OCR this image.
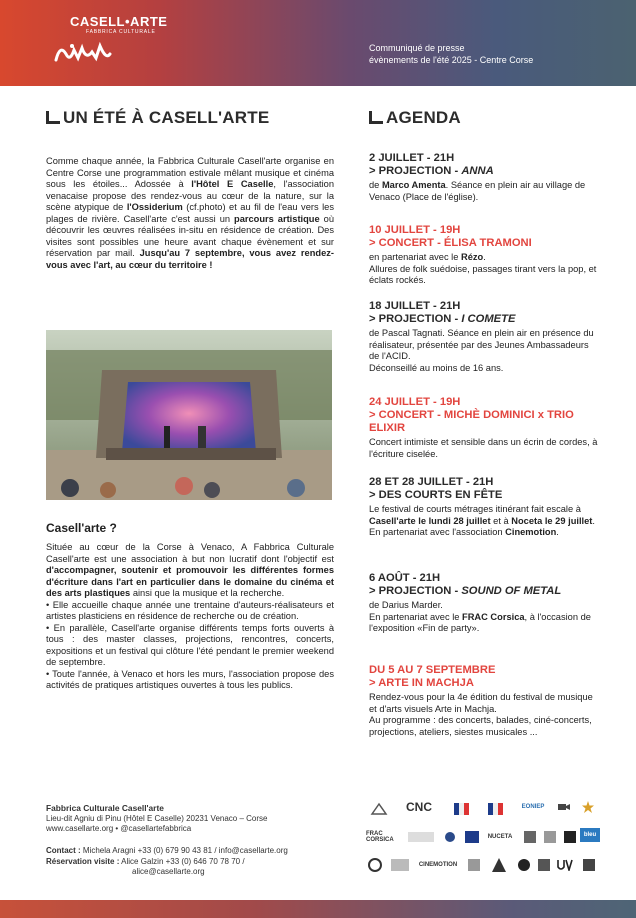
CASELL•ARTE
FABBRICA CULTURALE
Communiqué de presse
évènements de l'été 2025 - Centre Corse
UN ÉTÉ À CASELL'ARTE
Comme chaque année, la Fabbrica Culturale Casell'arte organise en Centre Corse une programmation estivale mêlant musique et cinéma sous les étoiles... Adossée à l'Hôtel E Caselle, l'association venacaise propose des rendez-vous au cœur de la nature, sur la scène atypique de l'Ossiderium (cf.photo) et au fil de l'eau vers les plages de rivière. Casell'arte c'est aussi un parcours artistique où découvrir les œuvres réalisées in-situ en résidence de création. Des visites sont possibles une heure avant chaque évènement et sur réservation par mail. Jusqu'au 7 septembre, vous avez rendez-vous avec l'art, au cœur du territoire !
Casell'arte ?

Située au cœur de la Corse à Venaco, A Fabbrica Culturale Casell'arte est une association à but non lucratif dont l'objectif est d'accompagner, soutenir et promouvoir les différentes formes d'écriture dans l'art en particulier dans le domaine du cinéma et des arts plastiques ainsi que la musique et la recherche.

• Elle accueille chaque année une trentaine d'auteurs-réalisateurs et artistes plasticiens en résidence de recherche ou de création.

• En parallèle, Casell'arte organise différents temps forts ouverts à tous : des master classes, projections, rencontres, concerts, expositions et un festival qui clôture l'été pendant le premier weekend de septembre.

• Toute l'année, à Venaco et hors les murs, l'association propose des activités de pratiques artistiques ouvertes à tous les publics.

AGENDA
2 JUILLET - 21H
> PROJECTION - ANNA
de Marco Amenta. Séance en plein air au village de Venaco (Place de l'église).
10 JUILLET - 19H
> CONCERT - ÉLISA TRAMONI
en partenariat avec le Rézo.
Allures de folk suédoise, passages tirant vers la pop, et éclats rockés.
18 JUILLET - 21H
> PROJECTION - I COMETE
de Pascal Tagnati. Séance en plein air en présence du réalisateur, présentée par des Jeunes Ambassadeurs de l'ACID.
Déconseillé au moins de 16 ans.
24 JUILLET - 19H
> CONCERT - MICHÈ DOMINICI x TRIO ELIXIR
Concert intimiste et sensible dans un écrin de cordes, à l'écriture ciselée.
28 ET 28 JUILLET - 21H
> DES COURTS EN FÊTE
Le festival de courts métrages itinérant fait escale à Casell'arte le lundi 28 juillet et à Noceta le 29 juillet.
En partenariat avec l'association Cinemotion.
6 AOÛT - 21H
> PROJECTION - SOUND OF METAL
de Darius Marder.
En partenariat avec le FRAC Corsica, à l'occasion de l'exposition «Fin de party».
DU 5 AU 7 SEPTEMBRE
> ARTE IN MACHJA
Rendez-vous pour la 4e édition du festival de musique et d'arts visuels Arte in Machja.
Au programme : des concerts, balades, ciné-concerts, projections, ateliers, siestes musicales ...
Fabbrica Culturale Casell'arte
Lieu-dit Agniu di Pinu (Hôtel E Caselle) 20231 Venaco – Corse
www.casellarte.org • @casellartefabbrica
Contact : Michela Aragni +33 (0) 679 90 43 81 / info@casellarte.org
Réservation visite : Alice Galzin +33 (0) 646 70 78 70 /
alice@casellarte.org
CNC	EONIEP
FRAC CORSICA	NUCETA	bleu
CINEMOTION
